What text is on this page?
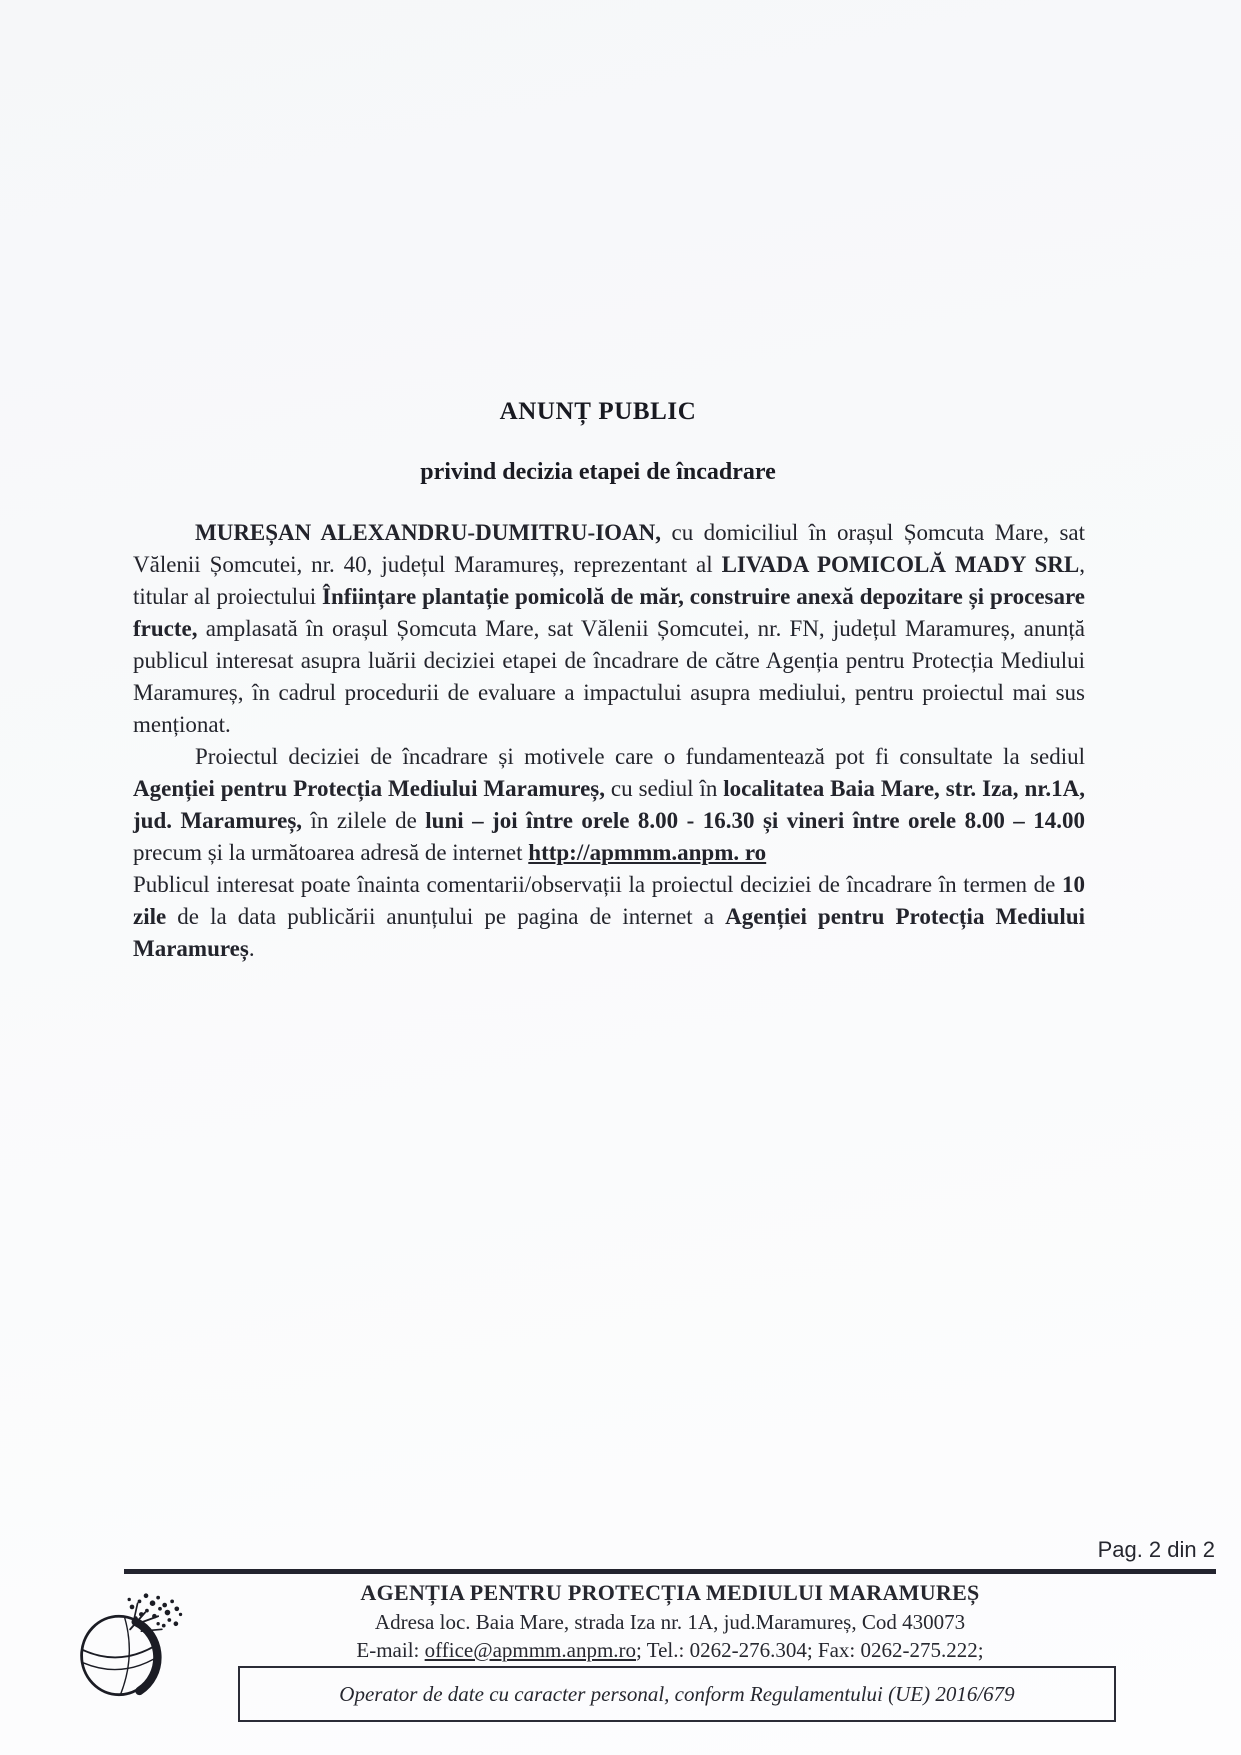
ANUNȚ PUBLIC
privind decizia etapei de încadrare

MUREȘAN ALEXANDRU-DUMITRU-IOAN, cu domiciliul în orașul Șomcuta Mare, sat Vălenii Șomcutei, nr. 40, județul Maramureș, reprezentant al LIVADA POMICOLĂ MADY SRL, titular al proiectului Înființare plantație pomicolă de măr, construire anexă depozitare și procesare fructe, amplasată în orașul Șomcuta Mare, sat Vălenii Șomcutei, nr. FN, județul Maramureș, anunță publicul interesat asupra luării deciziei etapei de încadrare de către Agenția pentru Protecția Mediului Maramureș, în cadrul procedurii de evaluare a impactului asupra mediului, pentru proiectul mai sus menționat.

Proiectul deciziei de încadrare și motivele care o fundamentează pot fi consultate la sediul Agenției pentru Protecția Mediului Maramureș, cu sediul în localitatea Baia Mare, str. Iza, nr.1A, jud. Maramureș, în zilele de luni – joi între orele 8.00 - 16.30 și vineri între orele 8.00 – 14.00 precum și la următoarea adresă de internet http://apmmm.anpm. ro

Publicul interesat poate înainta comentarii/observații la proiectul deciziei de încadrare în termen de 10 zile de la data publicării anunțului pe pagina de internet a Agenției pentru Protecția Mediului Maramureș.

Pag. 2 din 2
AGENȚIA PENTRU PROTECȚIA MEDIULUI MARAMUREȘ
Adresa loc. Baia Mare, strada Iza nr. 1A, jud.Maramureș, Cod 430073
E-mail: office@apmmm.anpm.ro; Tel.: 0262-276.304; Fax: 0262-275.222;
Operator de date cu caracter personal, conform Regulamentului (UE) 2016/679
